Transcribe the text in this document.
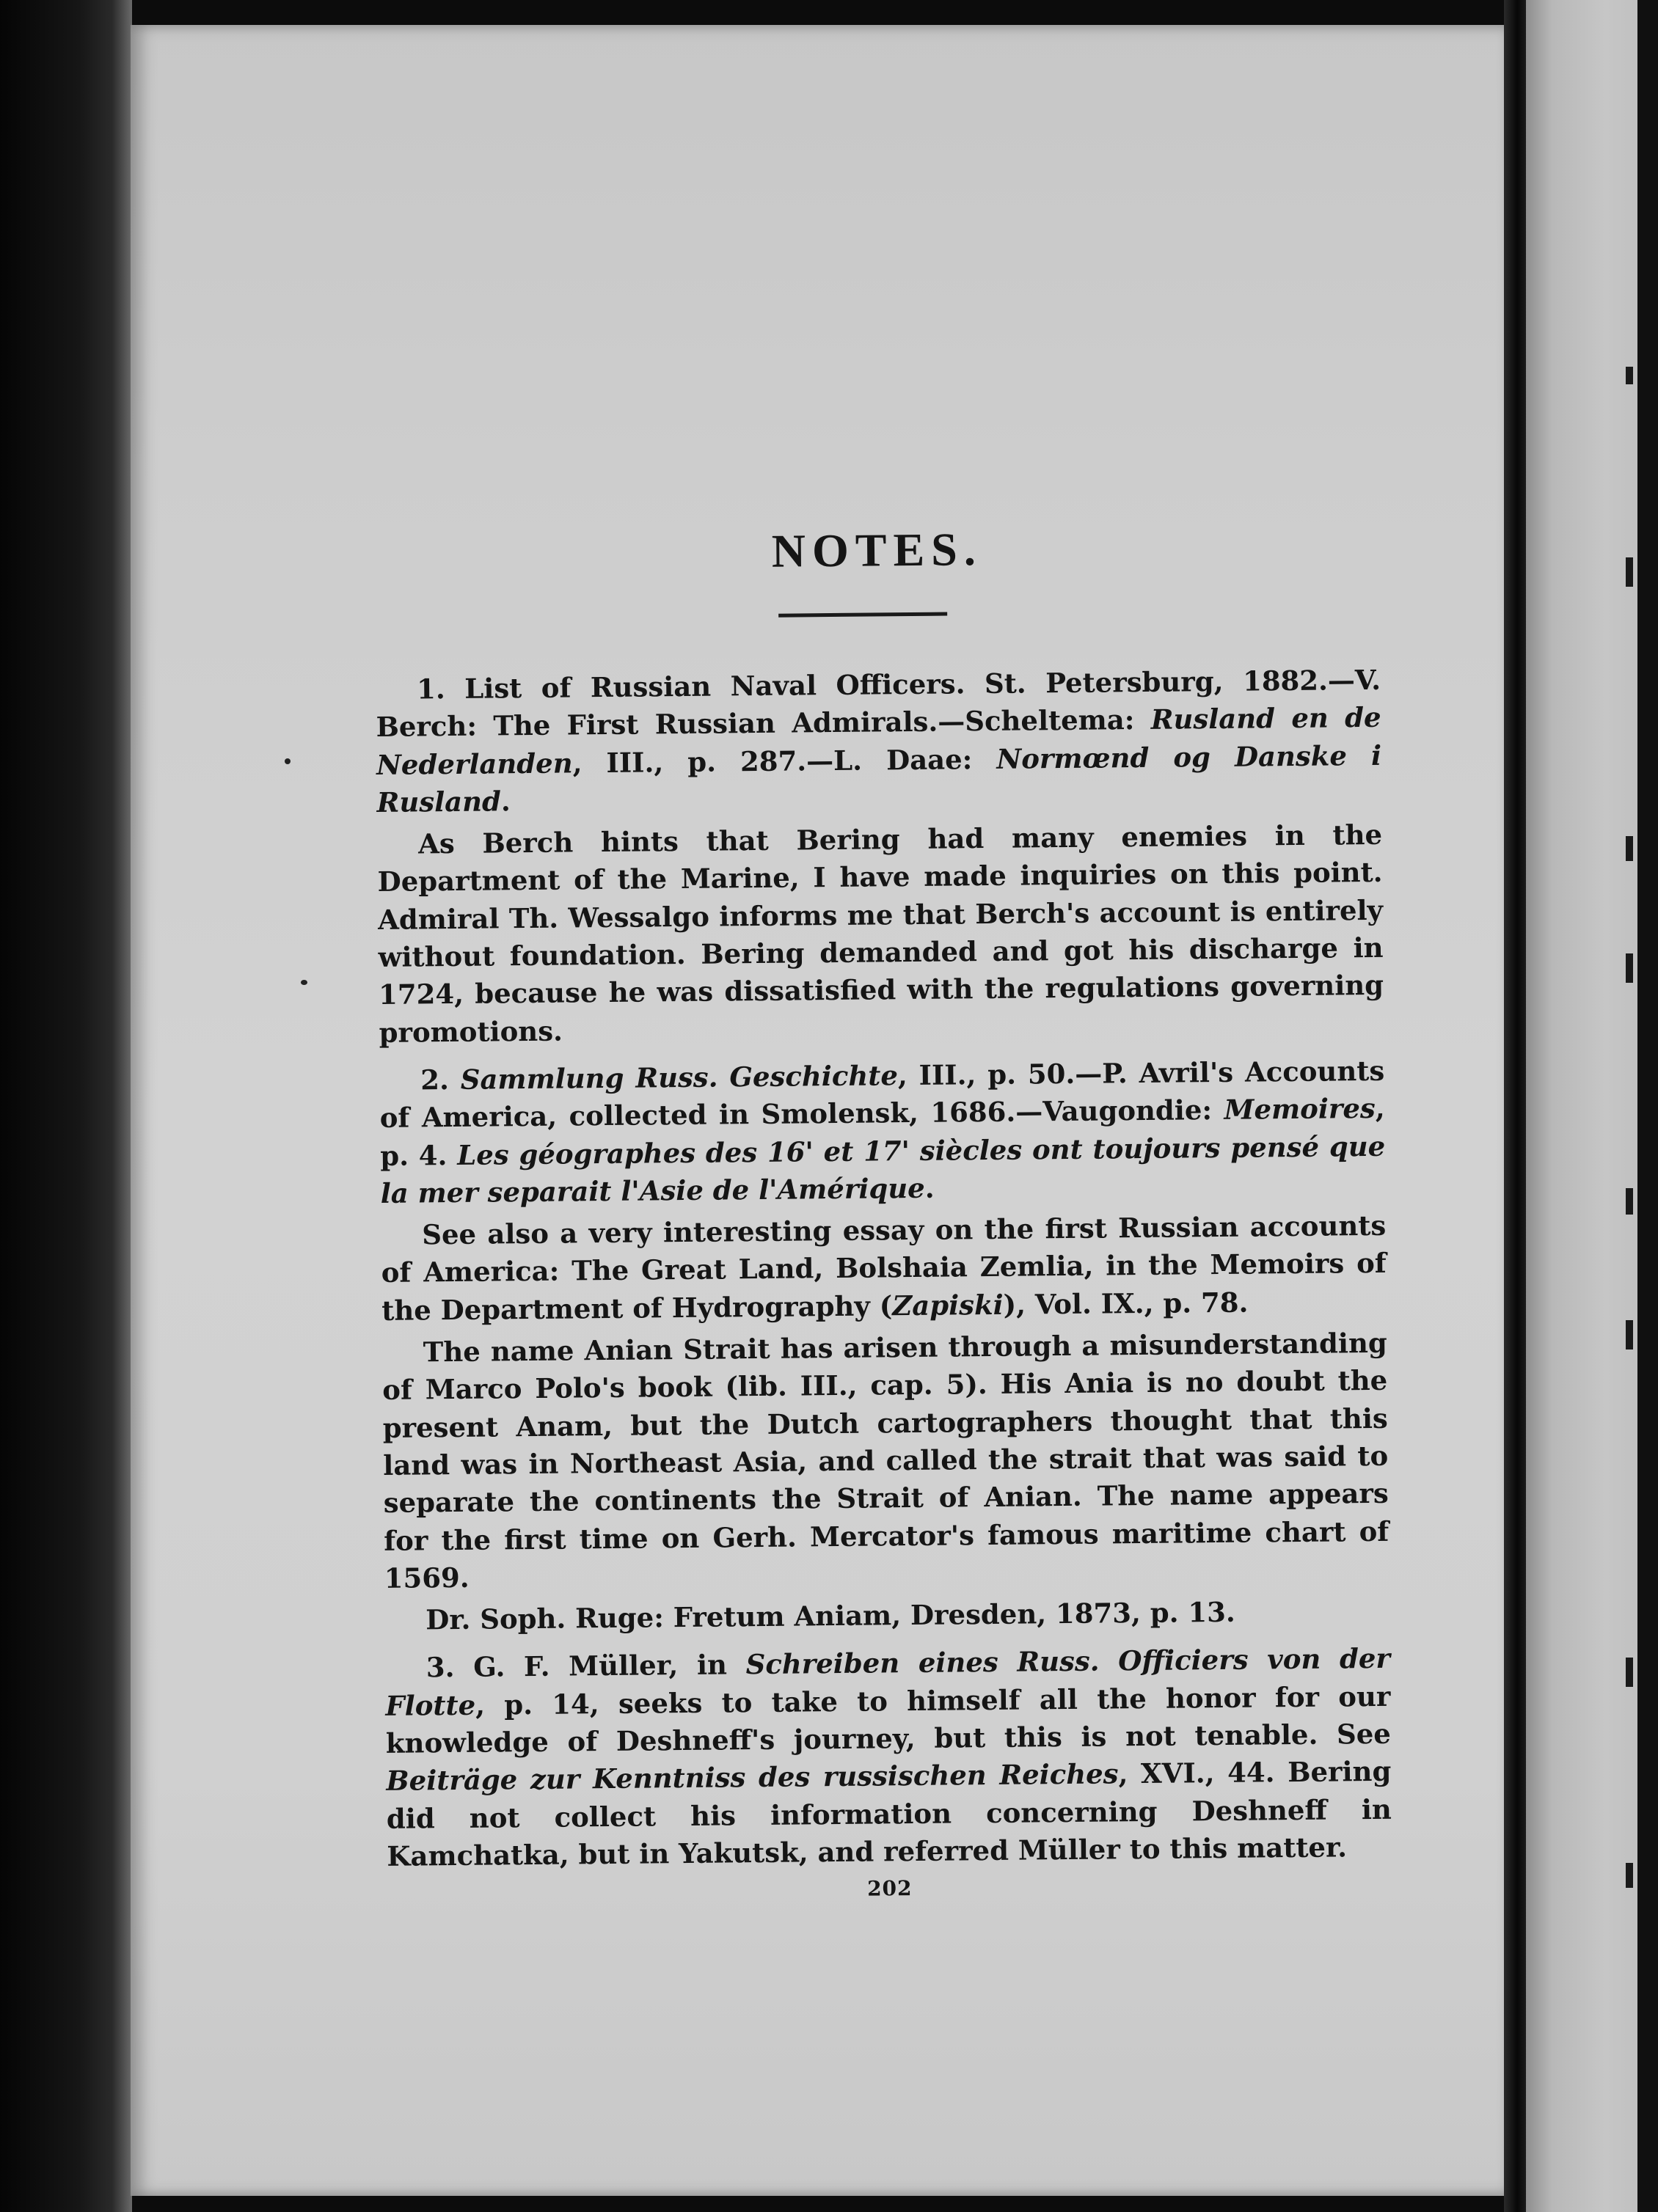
NOTES.

1. List of Russian Naval Officers. St. Petersburg, 1882.—V. Berch: The First Russian Admirals.—Scheltema: Rusland en de Nederlanden, III., p. 287.—L. Daae: Normœnd og Danske i Rusland.

As Berch hints that Bering had many enemies in the Department of the Marine, I have made inquiries on this point. Admiral Th. Wessalgo informs me that Berch's account is entirely without foundation. Bering demanded and got his discharge in 1724, because he was dissatisfied with the regulations governing promotions.

2. Sammlung Russ. Geschichte, III., p. 50.—P. Avril's Accounts of America, collected in Smolensk, 1686.—Vaugondie: Memoires, p. 4. Les géographes des 16' et 17' siècles ont toujours pensé que la mer separait l'Asie de l'Amérique.

See also a very interesting essay on the first Russian accounts of America: The Great Land, Bolshaia Zemlia, in the Memoirs of the Department of Hydrography (Zapiski), Vol. IX., p. 78.

The name Anian Strait has arisen through a misunderstanding of Marco Polo's book (lib. III., cap. 5). His Ania is no doubt the present Anam, but the Dutch cartographers thought that this land was in Northeast Asia, and called the strait that was said to separate the continents the Strait of Anian. The name appears for the first time on Gerh. Mercator's famous maritime chart of 1569.

Dr. Soph. Ruge: Fretum Aniam, Dresden, 1873, p. 13.

3. G. F. Müller, in Schreiben eines Russ. Officiers von der Flotte, p. 14, seeks to take to himself all the honor for our knowledge of Deshneff's journey, but this is not tenable. See Beiträge zur Kenntniss des russischen Reiches, XVI., 44. Bering did not collect his information concerning Deshneff in Kamchatka, but in Yakutsk, and referred Müller to this matter.

202
